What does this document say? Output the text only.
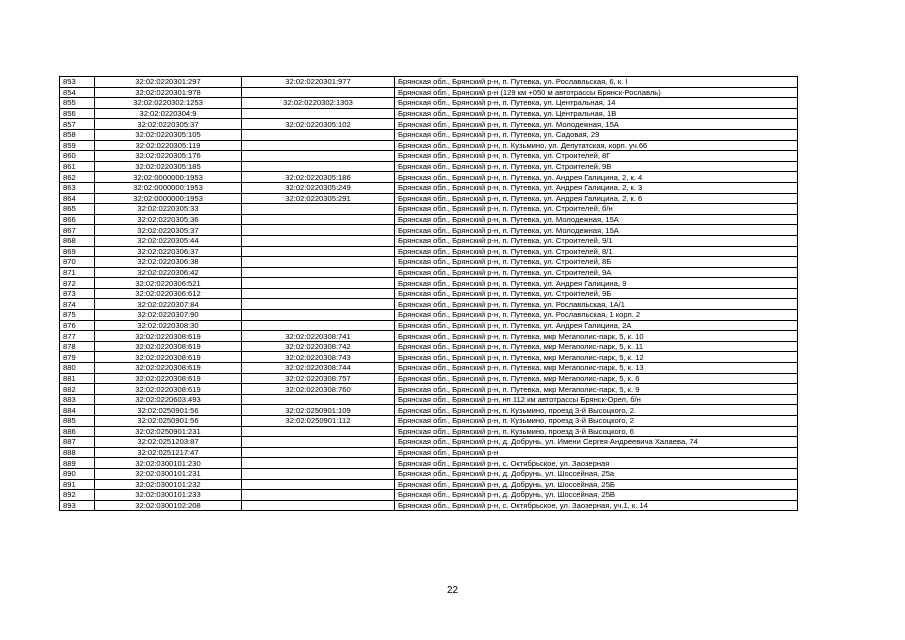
853	32:02:0220301:297	32:02:0220301:977	Брянская обл., Брянский р-н, п. Путевка, ул. Рославльская, 6, к. I
854	32:02:0220301:978		Брянская обл., Брянский р-н (129 км +050 м автотрассы Брянск-Рославль)
855	32:02:0220302:1253	32:02:0220302:1303	Брянская обл., Брянский р-н, п. Путевка, ул. Центральная, 14
856	32:02:0220304:9		Брянская обл., Брянский р-н, п. Путевка, ул. Центральная, 1В
857	32:02:0220305:37	32:02:0220305:102	Брянская обл., Брянский р-н, п. Путевка, ул. Молодежная, 15А
858	32:02:0220305:105		Брянская обл., Брянский р-н, п. Путевка, ул. Садовая, 29
859	32:02:0220305:119		Брянская обл., Брянский р-н, п. Кузьмино, ул. Депутатская, корп. уч.66
860	32:02:0220305:176		Брянская обл., Брянский р-н, п. Путевка, ул. Строителей, 8Г
861	32:02:0220305:185		Брянская обл., Брянский р-н, п. Путевка, ул. Строителей, 9В
862	32:02:0000000:1953	32:02:0220305:186	Брянская обл., Брянский р-н, п. Путевка, ул. Андрея Галицина, 2, к. 4
863	32:02:0000000:1953	32:02:0220305:249	Брянская обл., Брянский р-н, п. Путевка, ул. Андрея Галицина, 2, к. 3
864	32:02:0000000:1953	32:02:0220305:291	Брянская обл., Брянский р-н, п. Путевка, ул. Андрея Галицина, 2, к. 6
865	32:02:0220305:33		Брянская обл., Брянский р-н, п. Путевка, ул. Строителей, б/н
866	32:02:0220305:36		Брянская обл., Брянский р-н, п. Путевка, ул. Молодежная, 15А
867	32:02:0220305:37		Брянская обл., Брянский р-н, п. Путевка, ул. Молодежная, 15А
868	32:02:0220305:44		Брянская обл., Брянский р-н, п. Путевка, ул. Строителей, 9/1
869	32:02:0220306:37		Брянская обл., Брянский р-н, п. Путевка, ул. Строителей, 8/1
870	32:02:0220306:38		Брянская обл., Брянский р-н, п. Путевка, ул. Строителей, 8Б
871	32:02:0220306:42		Брянская обл., Брянский р-н, п. Путевка, ул. Строителей, 9А
872	32:02:0220306:521		Брянская обл., Брянский р-н, п. Путевка, ул. Андрея Галицина, 9
873	32:02:0220306:612		Брянская обл., Брянский р-н, п. Путевка, ул. Строителей, 9Б
874	32:02:0220307:84		Брянская обл., Брянский р-н, п. Путевка, ул. Рославльская, 1А/1
875	32:02:0220307:90		Брянская обл., Брянский р-н, п. Путевка, ул. Рославльская, 1 корп. 2
876	32:02:0220308:30		Брянская обл., Брянский р-н, п. Путевка, ул. Андрея Галицина, 2А
877	32:02:0220308:619	32:02:0220308:741	Брянская обл., Брянский р-н, п. Путевка, мкр Мегаполис-парк, 5, к. 10
878	32:02:0220308:619	32:02:0220308:742	Брянская обл., Брянский р-н, п. Путевка, мкр Мегаполис-парк, 5, к. 11
879	32:02:0220308:619	32:02:0220308:743	Брянская обл., Брянский р-н, п. Путевка, мкр Мегаполис-парк, 5, к. 12
880	32:02:0220308:619	32:02:0220308:744	Брянская обл., Брянский р-н, п. Путевка, мкр Мегаполис-парк, 5, к. 13
881	32:02:0220308:619	32:02:0220308:757	Брянская обл., Брянский р-н, п. Путевка, мкр Мегаполис-парк, 5, к. 6
882	32:02:0220308:619	32:02:0220308:760	Брянская обл., Брянский р-н, п. Путевка, мкр Мегаполис-парк, 5, к. 9
883	32:02:0220603:493		Брянская обл., Брянский р-н, нп 112 км автотрассы Брянск-Орел, б/н
884	32:02:0250901:56	32:02:0250901:109	Брянская обл., Брянский р-н, п. Кузьмино, проезд 3-й Высоцкого, 2
885	32:02:0250901:56	32:02:0250901:112	Брянская обл., Брянский р-н, п. Кузьмино, проезд 3-й Высоцкого, 2
886	32:02:0250901:231		Брянская обл., Брянский р-н, п. Кузьмино, проезд 3-й Высоцкого, 6
887	32:02:0251203:87		Брянская обл., Брянский р-н, д. Добрунь, ул. Имени Сергея Андреевича Халаева, 74
888	32:02:0251217:47		Брянская обл., Брянский р-н
889	32:02:0300101:230		Брянская обл., Брянский р-н, с. Октябрьское, ул. Заозерная
890	32:02:0300101:231		Брянская обл., Брянский р-н, д. Добрунь, ул. Шоссейная, 25а
891	32:02:0300101:232		Брянская обл., Брянский р-н, д. Добрунь, ул. Шоссейная, 25Б
892	32:02:0300101:233		Брянская обл., Брянский р-н, д. Добрунь, ул. Шоссейная, 25В
893	32:02:0300102:208		Брянская обл., Брянский р-н, с. Октябрьское, ул. Заозерная, уч.1, к. 14
22
